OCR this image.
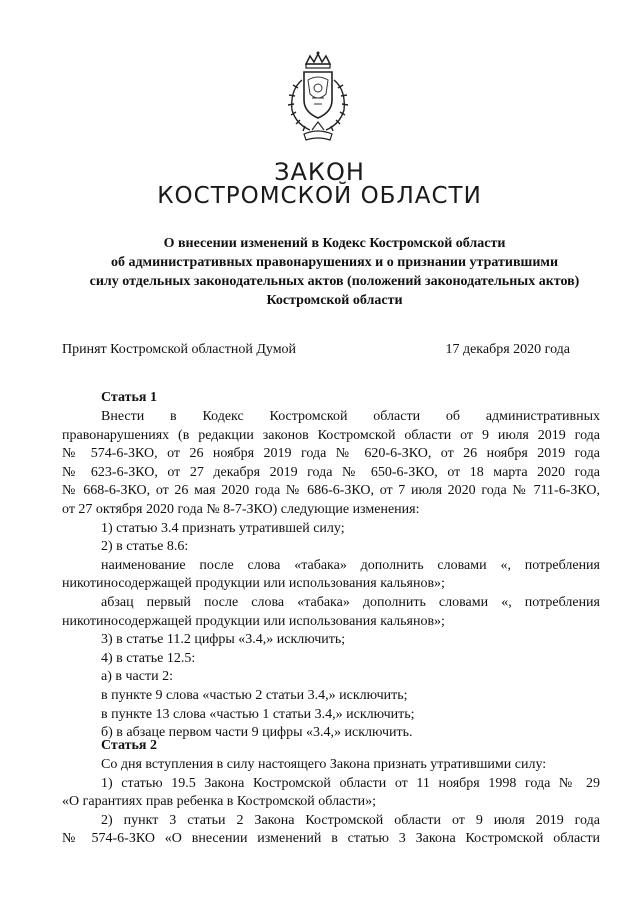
ЗАКОН
КОСТРОМСКОЙ ОБЛАСТИ
О внесении изменений в Кодекс Костромской области
об административных правонарушениях и о признании утратившими
силу отдельных законодательных актов (положений законодательных актов)
Костромской области
Принят Костромской областной Думой	17 декабря 2020 года
Статья 1
Внести в Кодекс Костромской области об административных
правонарушениях (в редакции законов Костромской области от 9 июля 2019 года
№ 574-6-ЗКО, от 26 ноября 2019 года № 620-6-ЗКО, от 26 ноября 2019 года
№ 623-6-ЗКО, от 27 декабря 2019 года № 650-6-ЗКО, от 18 марта 2020 года
№ 668-6-ЗКО, от 26 мая 2020 года № 686-6-ЗКО, от 7 июля 2020 года № 711-6-ЗКО,
от 27 октября 2020 года № 8-7-ЗКО) следующие изменения:
1) статью 3.4 признать утратившей силу;
2) в статье 8.6:
наименование после слова «табака» дополнить словами «, потребления
никотиносодержащей продукции или использования кальянов»;
абзац первый после слова «табака» дополнить словами «, потребления
никотиносодержащей продукции или использования кальянов»;
3) в статье 11.2 цифры «3.4,» исключить;
4) в статье 12.5:
а) в части 2:
в пункте 9 слова «частью 2 статьи 3.4,» исключить;
в пункте 13 слова «частью 1 статьи 3.4,» исключить;
б) в абзаце первом части 9 цифры «3.4,» исключить.
Статья 2
Со дня вступления в силу настоящего Закона признать утратившими силу:
1) статью 19.5 Закона Костромской области от 11 ноября 1998 года № 29
«О гарантиях прав ребенка в Костромской области»;
2) пункт 3 статьи 2 Закона Костромской области от 9 июля 2019 года
№ 574-6-ЗКО «О внесении изменений в статью 3 Закона Костромской области
